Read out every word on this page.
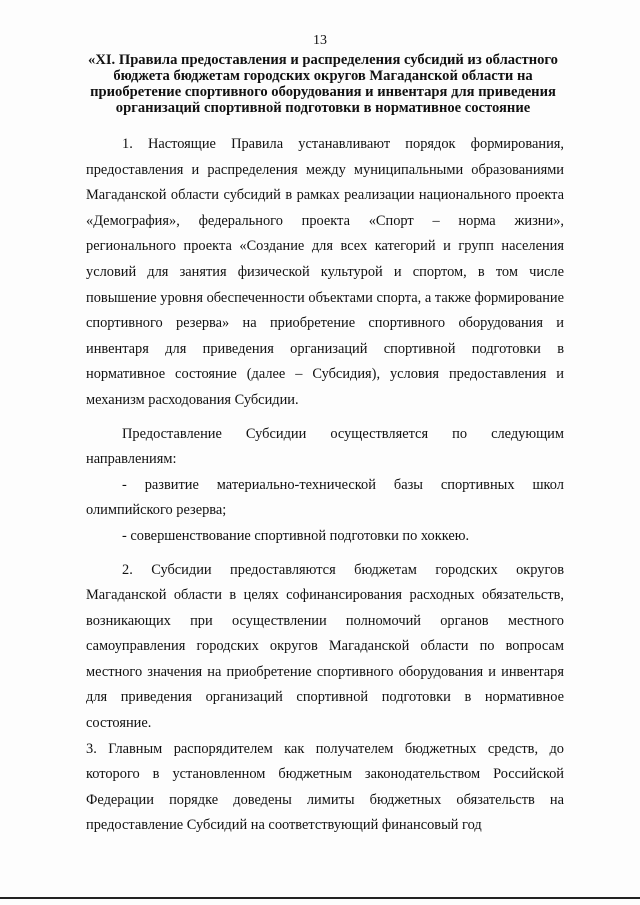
13
«XI. Правила предоставления и распределения субсидий из областного бюджета бюджетам городских округов Магаданской области на приобретение спортивного оборудования и инвентаря для приведения организаций спортивной подготовки в нормативное состояние

1. Настоящие Правила устанавливают порядок формирования, предоставления и распределения между муниципальными образованиями Магаданской области субсидий в рамках реализации национального проекта «Демография», федерального проекта «Спорт – норма жизни», регионального проекта «Создание для всех категорий и групп населения условий для занятия физической культурой и спортом, в том числе повышение уровня обеспеченности объектами спорта, а также формирование спортивного резерва» на приобретение спортивного оборудования и инвентаря для приведения организаций спортивной подготовки в нормативное состояние (далее – Субсидия), условия предоставления и механизм расходования Субсидии.

Предоставление Субсидии осуществляется по следующим направлениям:

- развитие материально-технической базы спортивных школ олимпийского резерва;

- совершенствование спортивной подготовки по хоккею.

2. Субсидии предоставляются бюджетам городских округов Магаданской области в целях софинансирования расходных обязательств, возникающих при осуществлении полномочий органов местного самоуправления городских округов Магаданской области по вопросам местного значения на приобретение спортивного оборудования и инвентаря для приведения организаций спортивной подготовки в нормативное состояние.

3. Главным распорядителем как получателем бюджетных средств, до которого в установленном бюджетным законодательством Российской Федерации порядке доведены лимиты бюджетных обязательств на предоставление Субсидий на соответствующий финансовый год
